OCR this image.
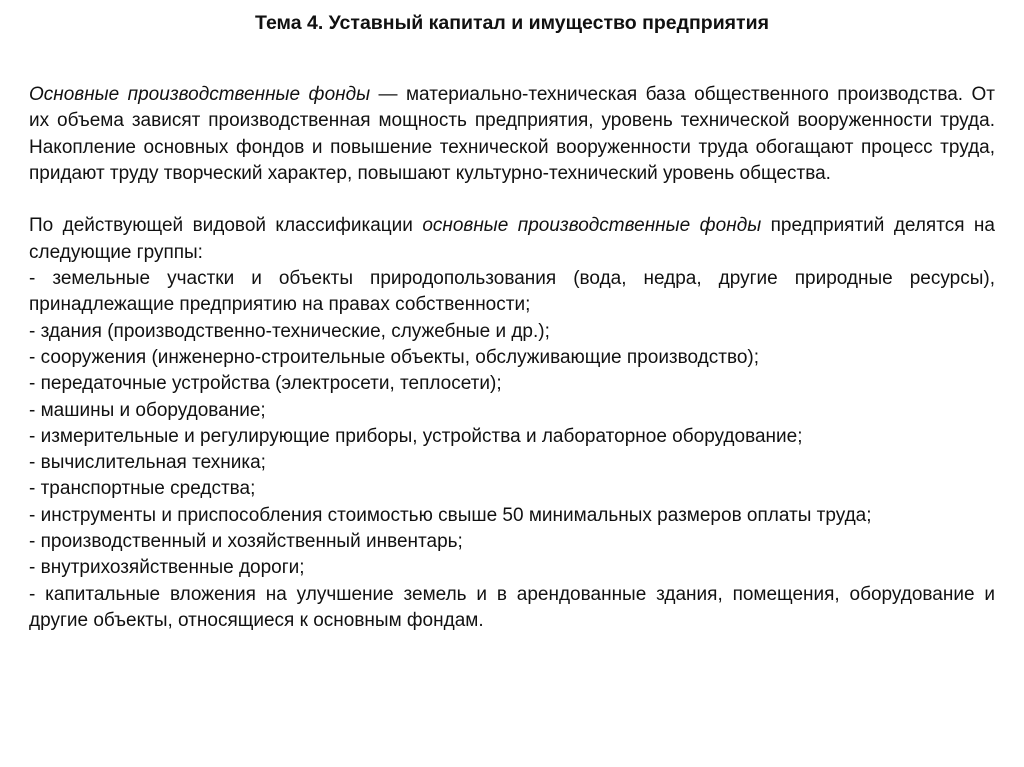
Тема 4. Уставный капитал и имущество предприятия

Основные производственные фонды — материально-техническая база общественного производства. От их объема зависят производственная мощность предприятия, уровень технической вооруженности труда. Накопление основных фондов и повышение технической вооруженности труда обогащают процесс труда, придают труду творческий характер, повышают культурно-технический уровень общества.

По действующей видовой классификации основные производственные фонды предприятий делятся на следующие группы:

- земельные участки и объекты природопользования (вода, недра, другие природные ресурсы), принадлежащие предприятию на правах собственности;
- здания (производственно-технические, служебные и др.);
- сооружения (инженерно-строительные объекты, обслуживающие производство);
- передаточные устройства (электросети, теплосети);
- машины и оборудование;
- измерительные и регулирующие приборы, устройства и лабораторное оборудование;
- вычислительная техника;
- транспортные средства;
- инструменты и приспособления стоимостью свыше 50 минимальных размеров оплаты труда;
- производственный и хозяйственный инвентарь;
- внутрихозяйственные дороги;
- капитальные вложения на улучшение земель и в арендованные здания, помещения, оборудование и другие объекты, относящиеся к основным фондам.
